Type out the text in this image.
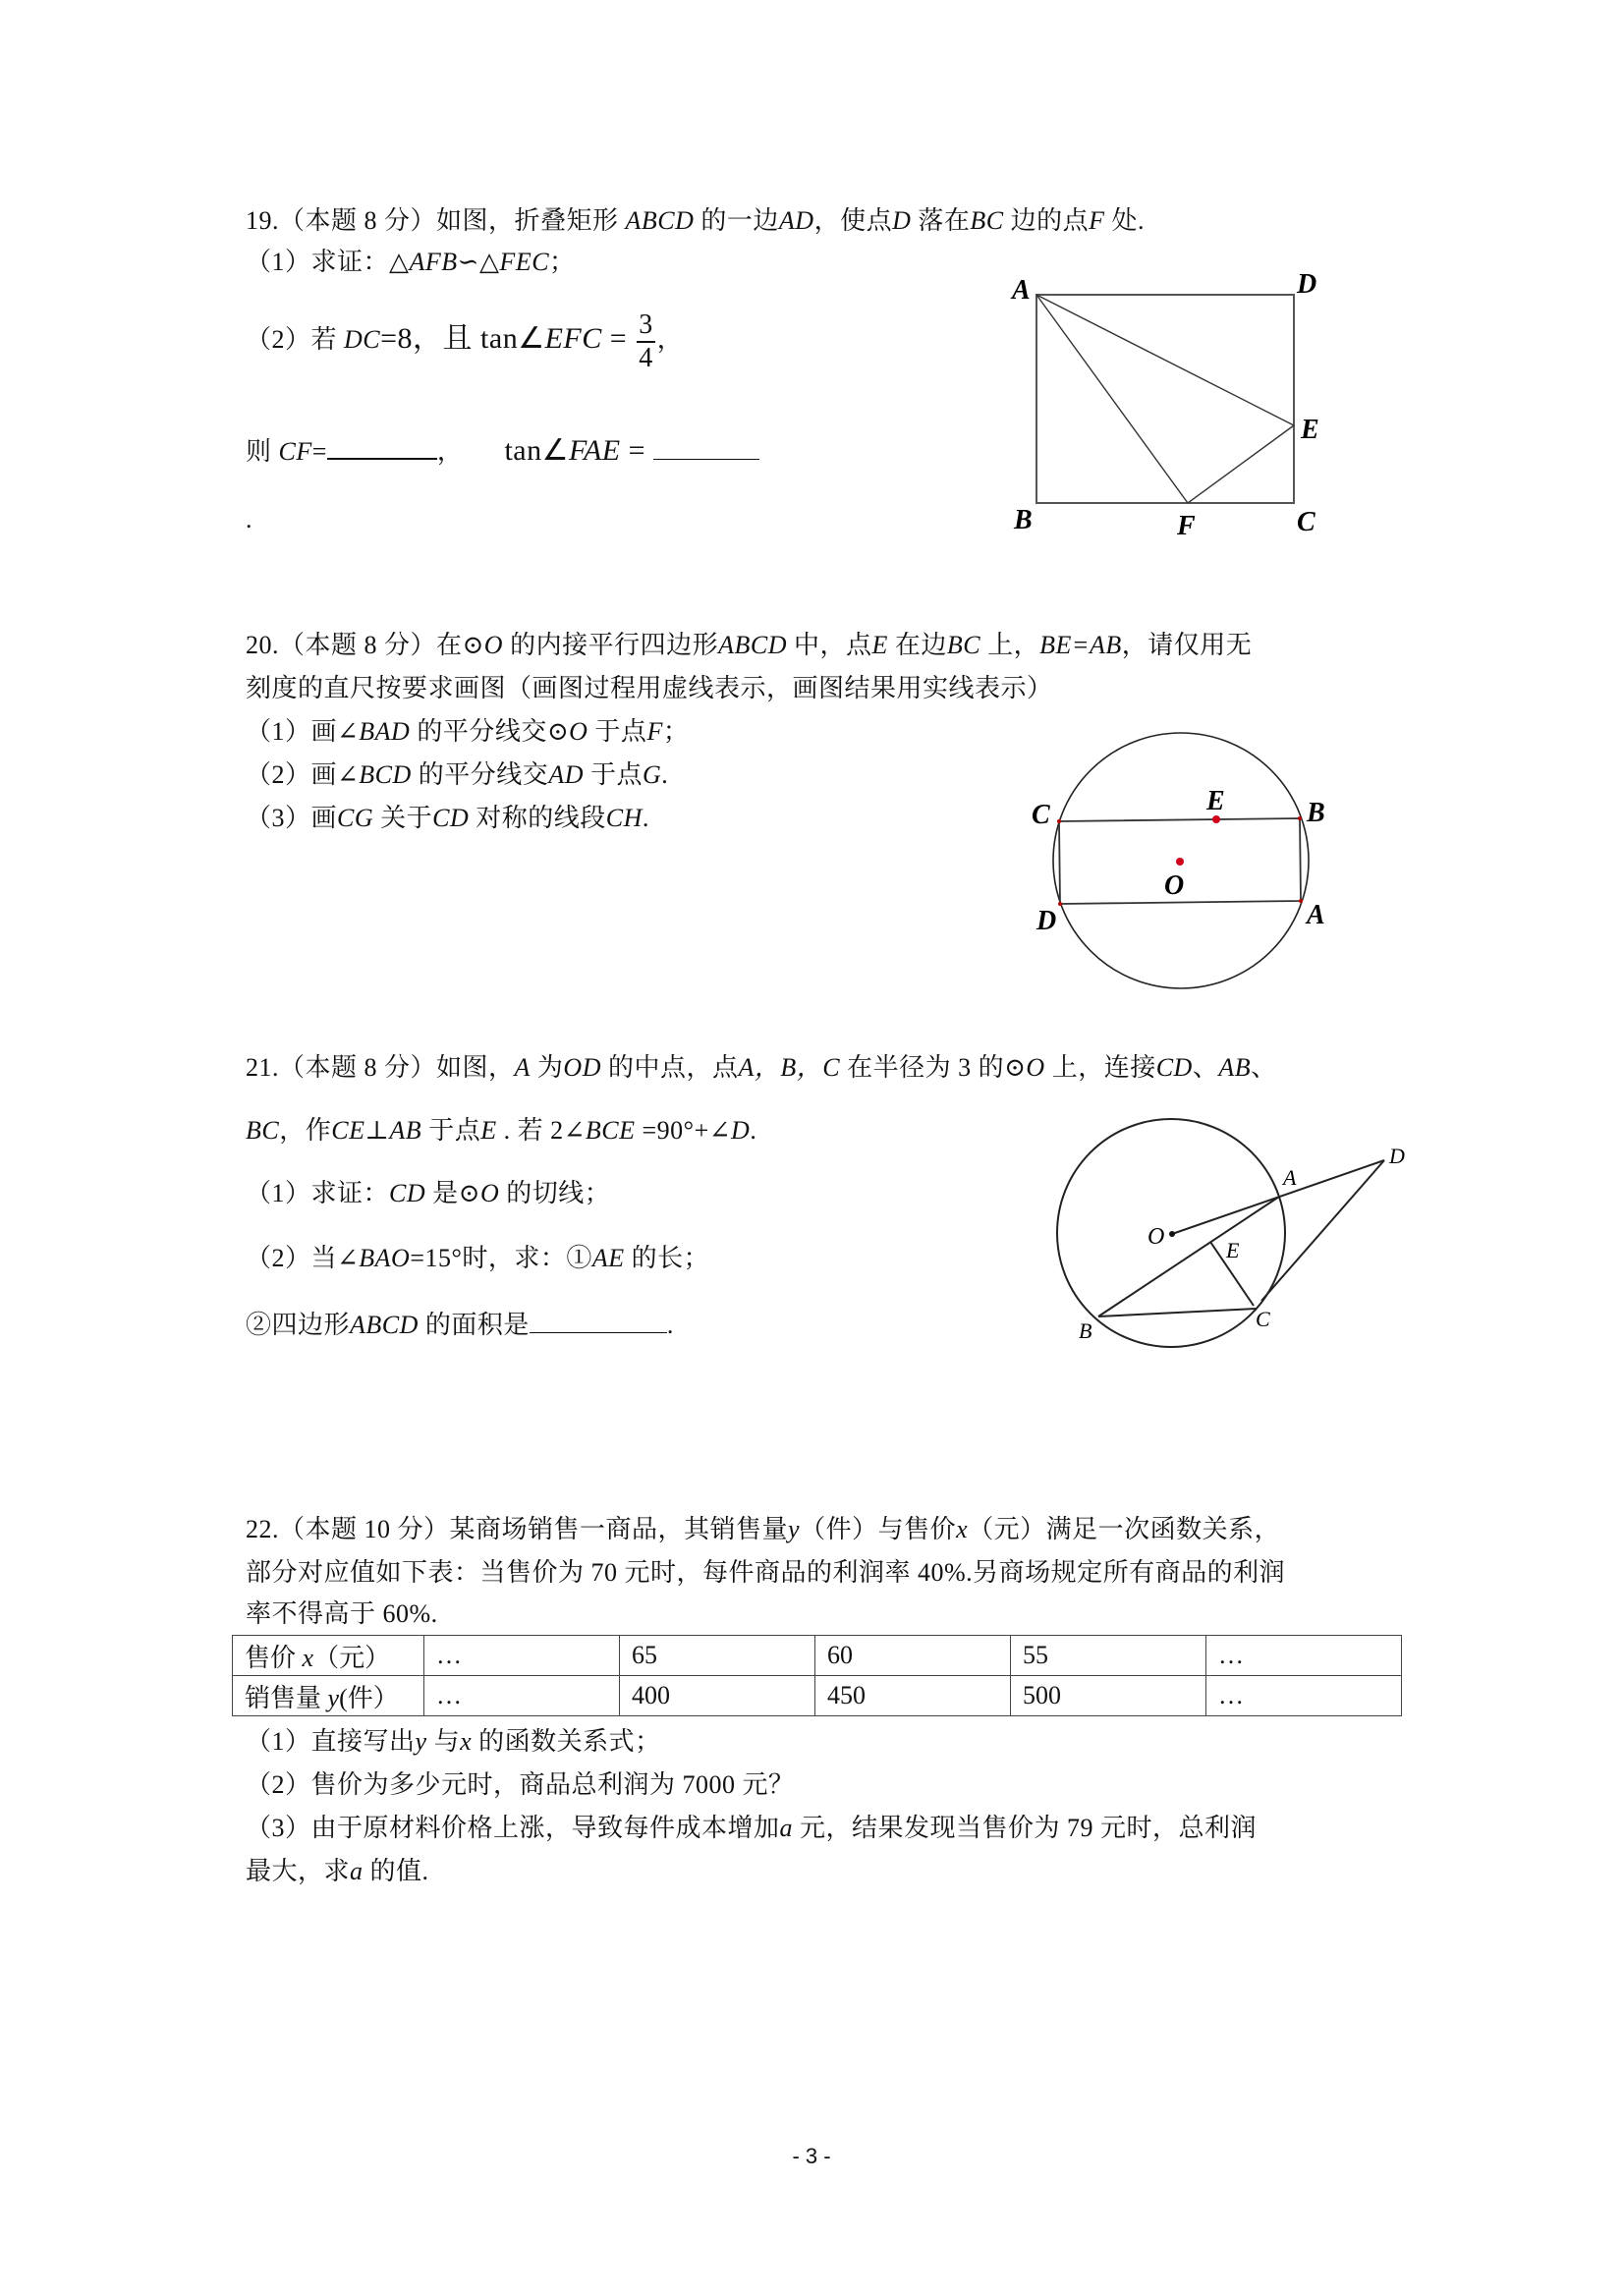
19.（本题 8 分）如图，折叠矩形 ABCD 的一边AD，使点D 落在BC 边的点F 处.
（1）求证：△AFB∽△FEC；
（2）若 DC=8，且 tan∠EFC = $\frac{3}{4}$ ，
则 CF=	， tan∠FAE =
.
A	D
E
B	F	C
20.（本题 8 分）在⊙O 的内接平行四边形ABCD 中，点E 在边BC 上，BE=AB，请仅用无
刻度的直尺按要求画图（画图过程用虚线表示，画图结果用实线表示）
（1）画∠BAD 的平分线交⊙O 于点F；
（2）画∠BCD 的平分线交AD 于点G.
（3）画CG 关于CD 对称的线段CH.	C	E	B
O
D	A
21.（本题 8 分）如图，A 为OD 的中点，点A，B，C 在半径为 3 的⊙O 上，连接CD、AB、
BC，作CE⊥AB 于点E . 若 2∠BCE =90°+∠D.
（1）求证：CD 是⊙O 的切线；
（2）当∠BAO=15°时，求：①AE 的长；
②四边形ABCD 的面积是	.
O
A
D
E
B	C
22.（本题 10 分）某商场销售一商品，其销售量y（件）与售价x（元）满足一次函数关系，
部分对应值如下表：当售价为 70 元时，每件商品的利润率 40%.另商场规定所有商品的利润
率不得高于 60%.
售价 x（元）	…	65	60	55	…
销售量 y(件）	…	400	450	500	…
（1）直接写出y 与x 的函数关系式；
（2）售价为多少元时，商品总利润为 7000 元？
（3）由于原材料价格上涨，导致每件成本增加a 元，结果发现当售价为 79 元时，总利润
最大，求a 的值.
- 3 -
